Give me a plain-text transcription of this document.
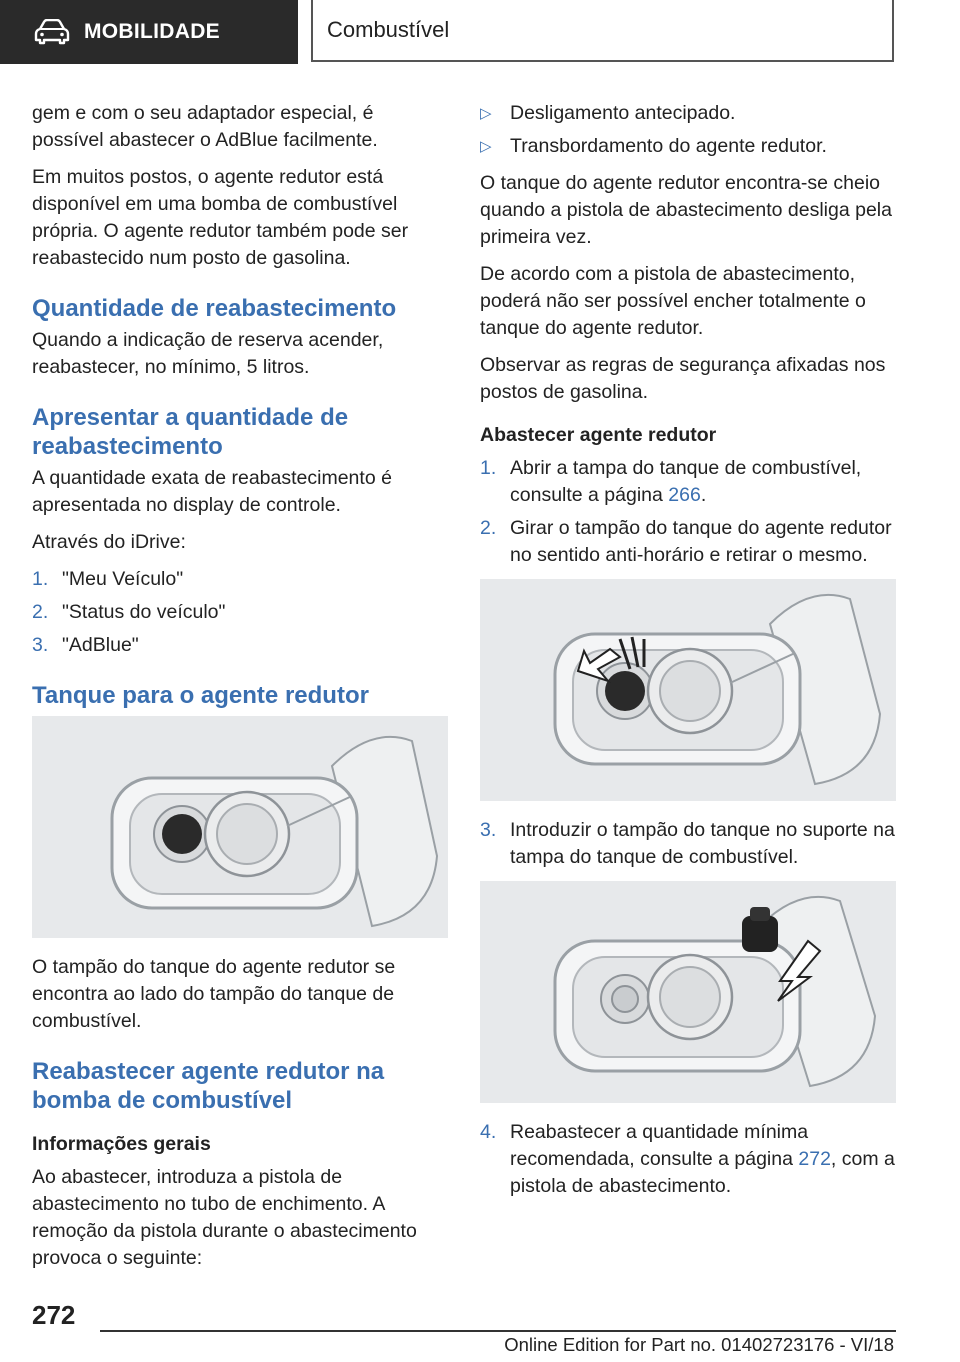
MOBILIDADE	Combustível

gem e com o seu adaptador especial, é possível abastecer o AdBlue facilmente.

Em muitos postos, o agente redutor está disponível em uma bomba de combustível própria. O agente redutor também pode ser reabastecido num posto de gasolina.

Quantidade de reabastecimento

Quando a indicação de reserva acender, reabastecer, no mínimo, 5 litros.

Apresentar a quantidade de reabastecimento

A quantidade exata de reabastecimento é apresentada no display de controle.

Através do iDrive:

1. "Meu Veículo"
2. "Status do veículo"
3. "AdBlue"
Tanque para o agente redutor

O tampão do tanque do agente redutor se encontra ao lado do tampão do tanque de combustível.

Reabastecer agente redutor na bomba de combustível
Informações gerais

Ao abastecer, introduza a pistola de abastecimento no tubo de enchimento. A remoção da pistola durante o abastecimento provoca o seguinte:

▷ Desligamento antecipado.
▷ Transbordamento do agente redutor.

O tanque do agente redutor encontra-se cheio quando a pistola de abastecimento desliga pela primeira vez.

De acordo com a pistola de abastecimento, poderá não ser possível encher totalmente o tanque do agente redutor.

Observar as regras de segurança afixadas nos postos de gasolina.

Abastecer agente redutor
1. Abrir a tampa do tanque de combustível, consulte a página 266.
2. Girar o tampão do tanque do agente redutor no sentido anti-horário e retirar o mesmo.
3. Introduzir o tampão do tanque no suporte na tampa do tanque de combustível.
4. Reabastecer a quantidade mínima recomendada, consulte a página 272, com a pistola de abastecimento.
272
Online Edition for Part no. 01402723176 - VI/18
